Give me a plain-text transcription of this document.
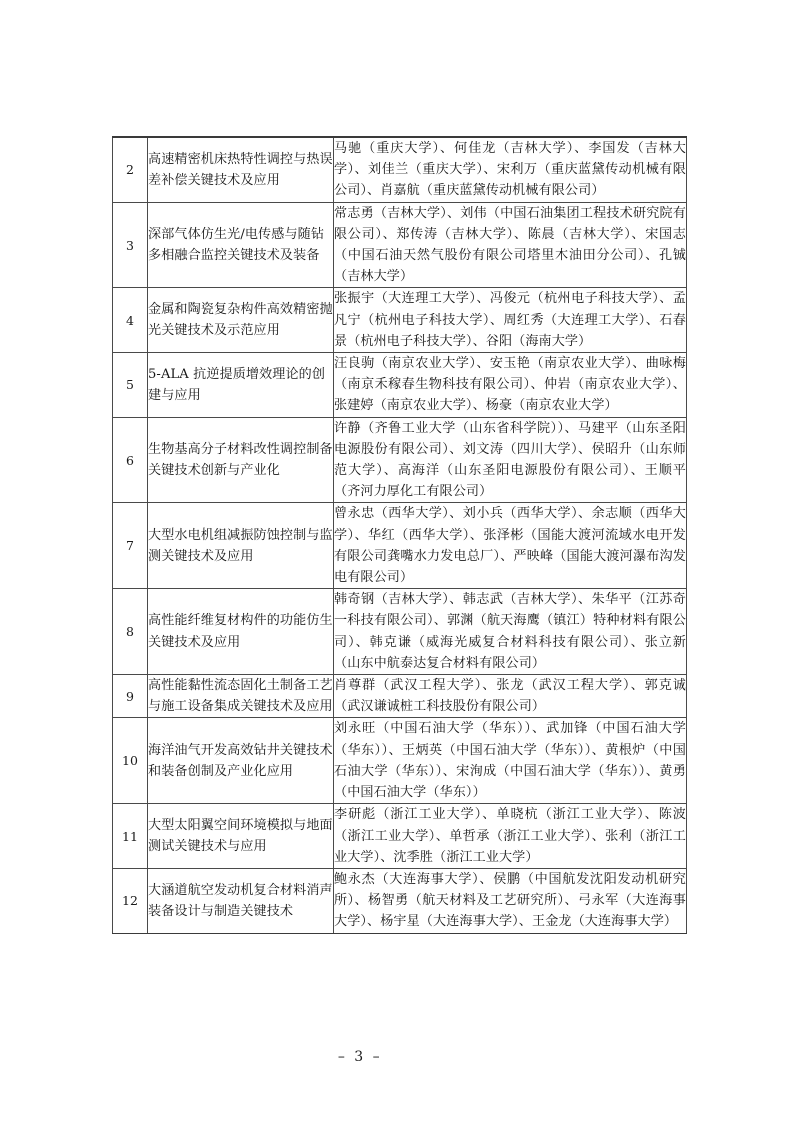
2	高速精密机床热特性调控与热误差补偿关键技术及应用	马驰（重庆大学）、何佳龙（吉林大学）、李国发（吉林大学）、刘佳兰（重庆大学）、宋利万（重庆蓝黛传动机械有限公司）、肖嘉航（重庆蓝黛传动机械有限公司）
3	深部气体仿生光/电传感与随钻多相融合监控关键技术及装备	常志勇（吉林大学）、刘伟（中国石油集团工程技术研究院有限公司）、郑传涛（吉林大学）、陈晨（吉林大学）、宋国志（中国石油天然气股份有限公司塔里木油田分公司）、孔铖（吉林大学）
4	金属和陶瓷复杂构件高效精密抛光关键技术及示范应用	张振宇（大连理工大学）、冯俊元（杭州电子科技大学）、孟凡宁（杭州电子科技大学）、周红秀（大连理工大学）、石春景（杭州电子科技大学）、谷阳（海南大学）
5	5-ALA 抗逆提质增效理论的创建与应用	汪良驹（南京农业大学）、安玉艳（南京农业大学）、曲咏梅（南京禾稼春生物科技有限公司）、仲岩（南京农业大学）、张建婷（南京农业大学）、杨豪（南京农业大学）
6	生物基高分子材料改性调控制备关键技术创新与产业化	许静（齐鲁工业大学（山东省科学院））、马建平（山东圣阳电源股份有限公司）、刘文涛（四川大学）、侯昭升（山东师范大学）、高海洋（山东圣阳电源股份有限公司）、王顺平（齐河力厚化工有限公司）
7	大型水电机组减振防蚀控制与监测关键技术及应用	曾永忠（西华大学）、刘小兵（西华大学）、余志顺（西华大学）、华红（西华大学）、张泽彬（国能大渡河流域水电开发有限公司龚嘴水力发电总厂）、严映峰（国能大渡河瀑布沟发电有限公司）
8	高性能纤维复材构件的功能仿生关键技术及应用	韩奇钢（吉林大学）、韩志武（吉林大学）、朱华平（江苏奇一科技有限公司）、郭渊（航天海鹰（镇江）特种材料有限公司）、韩克谦（威海光威复合材料科技有限公司）、张立新（山东中航泰达复合材料有限公司）
9	高性能黏性流态固化土制备工艺与施工设备集成关键技术及应用	肖尊群（武汉工程大学）、张龙（武汉工程大学）、郭克诚（武汉谦诚桩工科技股份有限公司）
10	海洋油气开发高效钻井关键技术和装备创制及产业化应用	刘永旺（中国石油大学（华东））、武加锋（中国石油大学（华东））、王炳英（中国石油大学（华东））、黄根炉（中国石油大学（华东））、宋洵成（中国石油大学（华东））、黄勇（中国石油大学（华东））
11	大型太阳翼空间环境模拟与地面测试关键技术与应用	李研彪（浙江工业大学）、单晓杭（浙江工业大学）、陈波（浙江工业大学）、单哲承（浙江工业大学）、张利（浙江工业大学）、沈季胜（浙江工业大学）
12	大涵道航空发动机复合材料消声装备设计与制造关键技术	鲍永杰（大连海事大学）、侯鹏（中国航发沈阳发动机研究所）、杨智勇（航天材料及工艺研究所）、弓永军（大连海事大学）、杨宇星（大连海事大学）、王金龙（大连海事大学）
– 3 –
